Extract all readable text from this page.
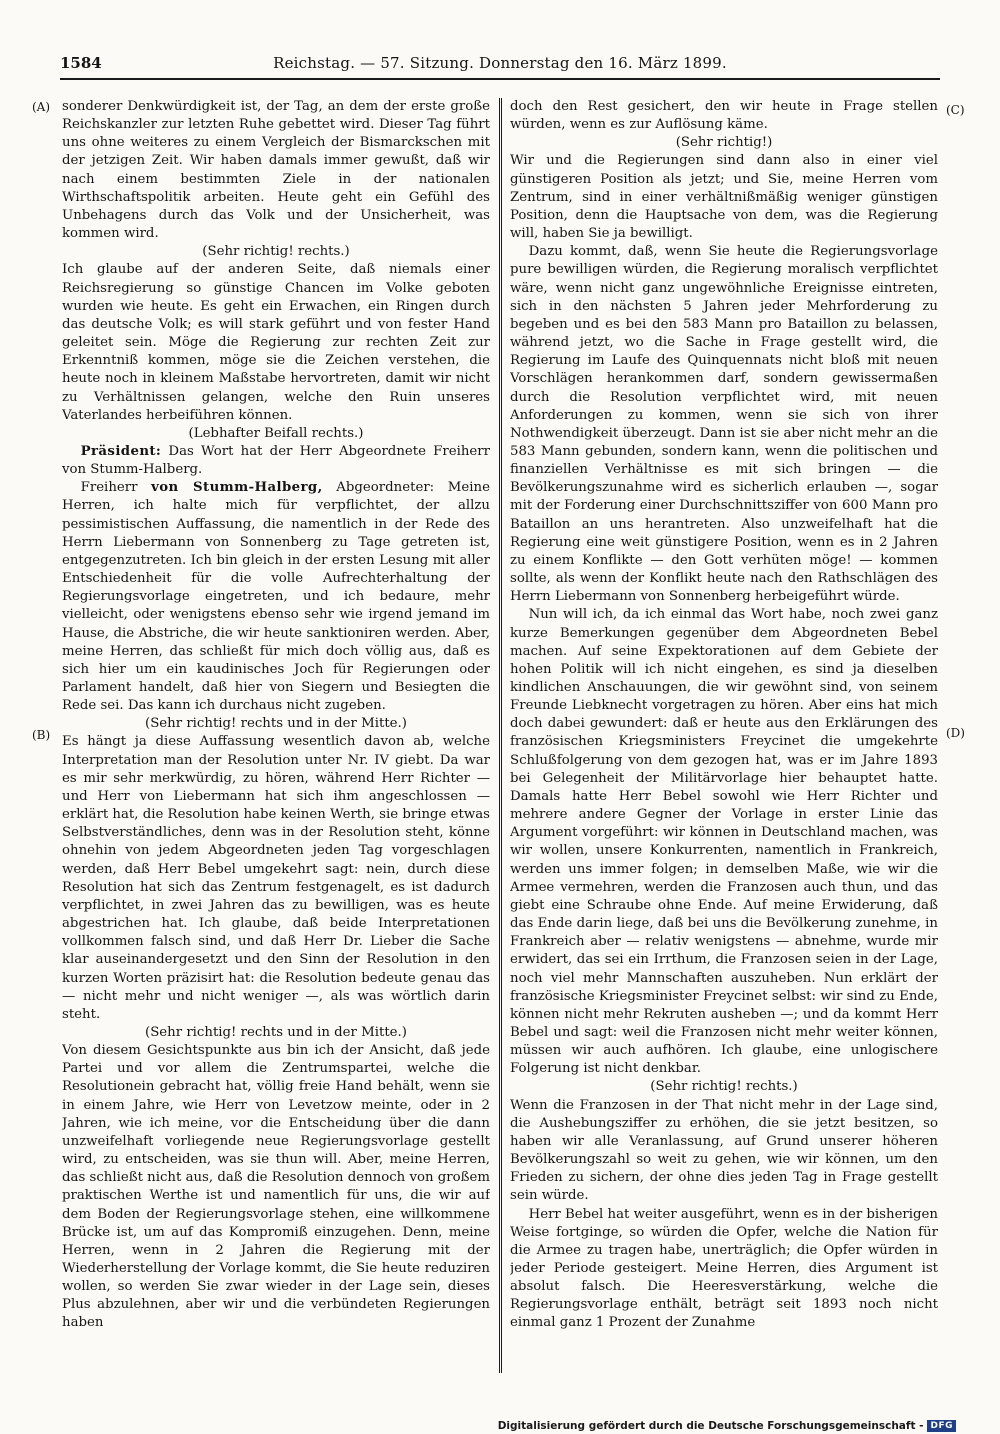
1584	Reichstag. — 57. Sitzung. Donnerstag den 16. März 1899.
(A)
(B)
(C)
(D)

sonderer Denkwürdigkeit ist, der Tag, an dem der erste große Reichskanzler zur letzten Ruhe gebettet wird. Dieser Tag führt uns ohne weiteres zu einem Vergleich der Bismarckschen mit der jetzigen Zeit. Wir haben damals immer gewußt, daß wir nach einem bestimmten Ziele in der nationalen Wirthschaftspolitik arbeiten. Heute geht ein Gefühl des Unbehagens durch das Volk und der Unsicherheit, was kommen wird.

(Sehr richtig! rechts.)

Ich glaube auf der anderen Seite, daß niemals einer Reichsregierung so günstige Chancen im Volke geboten wurden wie heute. Es geht ein Erwachen, ein Ringen durch das deutsche Volk; es will stark geführt und von fester Hand geleitet sein. Möge die Regierung zur rechten Zeit zur Erkenntniß kommen, möge sie die Zeichen verstehen, die heute noch in kleinem Maßstabe hervortreten, damit wir nicht zu Verhältnissen gelangen, welche den Ruin unseres Vaterlandes herbeiführen können.

(Lebhafter Beifall rechts.)

Präsident: Das Wort hat der Herr Abgeordnete Freiherr von Stumm-Halberg.

Freiherr von Stumm-Halberg, Abgeordneter: Meine Herren, ich halte mich für verpflichtet, der allzu pessimistischen Auffassung, die namentlich in der Rede des Herrn Liebermann von Sonnenberg zu Tage getreten ist, entgegenzutreten. Ich bin gleich in der ersten Lesung mit aller Entschiedenheit für die volle Aufrechterhaltung der Regierungsvorlage eingetreten, und ich bedaure, mehr vielleicht, oder wenigstens ebenso sehr wie irgend jemand im Hause, die Abstriche, die wir heute sanktioniren werden. Aber, meine Herren, das schließt für mich doch völlig aus, daß es sich hier um ein kaudinisches Joch für Regierungen oder Parlament handelt, daß hier von Siegern und Besiegten die Rede sei. Das kann ich durchaus nicht zugeben.

(Sehr richtig! rechts und in der Mitte.)

Es hängt ja diese Auffassung wesentlich davon ab, welche Interpretation man der Resolution unter Nr. IV giebt. Da war es mir sehr merkwürdig, zu hören, während Herr Richter — und Herr von Liebermann hat sich ihm angeschlossen — erklärt hat, die Resolution habe keinen Werth, sie bringe etwas Selbstverständliches, denn was in der Resolution steht, könne ohnehin von jedem Abgeordneten jeden Tag vorgeschlagen werden, daß Herr Bebel umgekehrt sagt: nein, durch diese Resolution hat sich das Zentrum festgenagelt, es ist dadurch verpflichtet, in zwei Jahren das zu bewilligen, was es heute abgestrichen hat. Ich glaube, daß beide Interpretationen vollkommen falsch sind, und daß Herr Dr. Lieber die Sache klar auseinandergesetzt und den Sinn der Resolution in den kurzen Worten präzisirt hat: die Resolution bedeute genau das — nicht mehr und nicht weniger —, als was wörtlich darin steht.

(Sehr richtig! rechts und in der Mitte.)

Von diesem Gesichtspunkte aus bin ich der Ansicht, daß jede Partei und vor allem die Zentrumspartei, welche die Resolutionein gebracht hat, völlig freie Hand behält, wenn sie in einem Jahre, wie Herr von Levetzow meinte, oder in 2 Jahren, wie ich meine, vor die Entscheidung über die dann unzweifelhaft vorliegende neue Regierungsvorlage gestellt wird, zu entscheiden, was sie thun will. Aber, meine Herren, das schließt nicht aus, daß die Resolution dennoch von großem praktischen Werthe ist und namentlich für uns, die wir auf dem Boden der Regierungsvorlage stehen, eine willkommene Brücke ist, um auf das Kompromiß einzugehen. Denn, meine Herren, wenn in 2 Jahren die Regierung mit der Wiederherstellung der Vorlage kommt, die Sie heute reduziren wollen, so werden Sie zwar wieder in der Lage sein, dieses Plus abzulehnen, aber wir und die verbündeten Regierungen haben

doch den Rest gesichert, den wir heute in Frage stellen würden, wenn es zur Auflösung käme.

(Sehr richtig!)

Wir und die Regierungen sind dann also in einer viel günstigeren Position als jetzt; und Sie, meine Herren vom Zentrum, sind in einer verhältnißmäßig weniger günstigen Position, denn die Hauptsache von dem, was die Regierung will, haben Sie ja bewilligt.

Dazu kommt, daß, wenn Sie heute die Regierungsvorlage pure bewilligen würden, die Regierung moralisch verpflichtet wäre, wenn nicht ganz ungewöhnliche Ereignisse eintreten, sich in den nächsten 5 Jahren jeder Mehrforderung zu begeben und es bei den 583 Mann pro Bataillon zu belassen, während jetzt, wo die Sache in Frage gestellt wird, die Regierung im Laufe des Quinquennats nicht bloß mit neuen Vorschlägen herankommen darf, sondern gewissermaßen durch die Resolution verpflichtet wird, mit neuen Anforderungen zu kommen, wenn sie sich von ihrer Nothwendigkeit überzeugt. Dann ist sie aber nicht mehr an die 583 Mann gebunden, sondern kann, wenn die politischen und finanziellen Verhältnisse es mit sich bringen — die Bevölkerungszunahme wird es sicherlich erlauben —, sogar mit der Forderung einer Durchschnittsziffer von 600 Mann pro Bataillon an uns herantreten. Also unzweifelhaft hat die Regierung eine weit günstigere Position, wenn es in 2 Jahren zu einem Konflikte — den Gott verhüten möge! — kommen sollte, als wenn der Konflikt heute nach den Rathschlägen des Herrn Liebermann von Sonnenberg herbeigeführt würde.

Nun will ich, da ich einmal das Wort habe, noch zwei ganz kurze Bemerkungen gegenüber dem Abgeordneten Bebel machen. Auf seine Expektorationen auf dem Gebiete der hohen Politik will ich nicht eingehen, es sind ja dieselben kindlichen Anschauungen, die wir gewöhnt sind, von seinem Freunde Liebknecht vorgetragen zu hören. Aber eins hat mich doch dabei gewundert: daß er heute aus den Erklärungen des französischen Kriegsministers Freycinet die umgekehrte Schlußfolgerung von dem gezogen hat, was er im Jahre 1893 bei Gelegenheit der Militärvorlage hier behauptet hatte. Damals hatte Herr Bebel sowohl wie Herr Richter und mehrere andere Gegner der Vorlage in erster Linie das Argument vorgeführt: wir können in Deutschland machen, was wir wollen, unsere Konkurrenten, namentlich in Frankreich, werden uns immer folgen; in demselben Maße, wie wir die Armee vermehren, werden die Franzosen auch thun, und das giebt eine Schraube ohne Ende. Auf meine Erwiderung, daß das Ende darin liege, daß bei uns die Bevölkerung zunehme, in Frankreich aber — relativ wenigstens — abnehme, wurde mir erwidert, das sei ein Irrthum, die Franzosen seien in der Lage, noch viel mehr Mannschaften auszuheben. Nun erklärt der französische Kriegsminister Freycinet selbst: wir sind zu Ende, können nicht mehr Rekruten ausheben —; und da kommt Herr Bebel und sagt: weil die Franzosen nicht mehr weiter können, müssen wir auch aufhören. Ich glaube, eine unlogischere Folgerung ist nicht denkbar.

(Sehr richtig! rechts.)

Wenn die Franzosen in der That nicht mehr in der Lage sind, die Aushebungsziffer zu erhöhen, die sie jetzt besitzen, so haben wir alle Veranlassung, auf Grund unserer höheren Bevölkerungszahl so weit zu gehen, wie wir können, um den Frieden zu sichern, der ohne dies jeden Tag in Frage gestellt sein würde.

Herr Bebel hat weiter ausgeführt, wenn es in der bisherigen Weise fortginge, so würden die Opfer, welche die Nation für die Armee zu tragen habe, unerträglich; die Opfer würden in jeder Periode gesteigert. Meine Herren, dies Argument ist absolut falsch. Die Heeresverstärkung, welche die Regierungsvorlage enthält, beträgt seit 1893 noch nicht einmal ganz 1 Prozent der Zunahme

Digitalisierung gefördert durch die Deutsche Forschungsgemeinschaft - DFG
